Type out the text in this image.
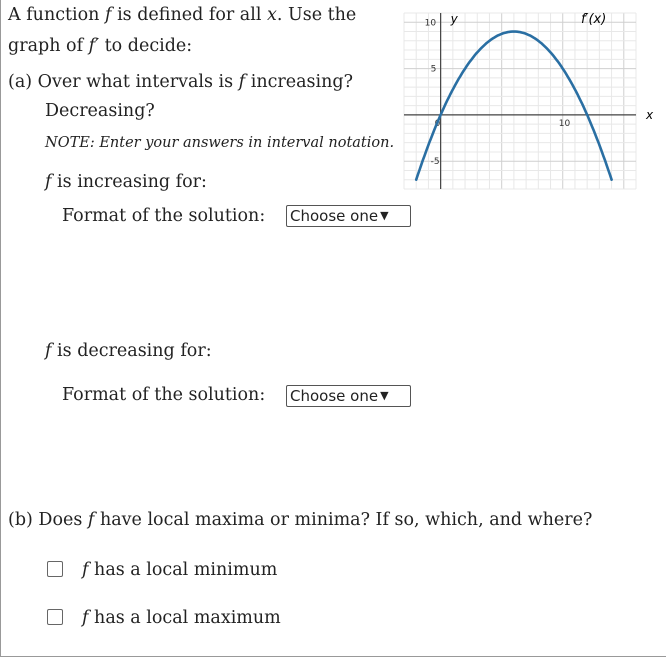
A function f is defined for all x. Use the
graph of f′ to decide:
(a) Over what intervals is f increasing?
Decreasing?
NOTE: Enter your answers in interval notation.
f is increasing for:
Format of the solution: Choose one ▼
f is decreasing for:
Format of the solution: Choose one ▼
(b) Does f have local maxima or minima? If so, which, and where?
f has a local minimum
f has a local maximum
0	10
-5
5
10 y
x
f′(x)
